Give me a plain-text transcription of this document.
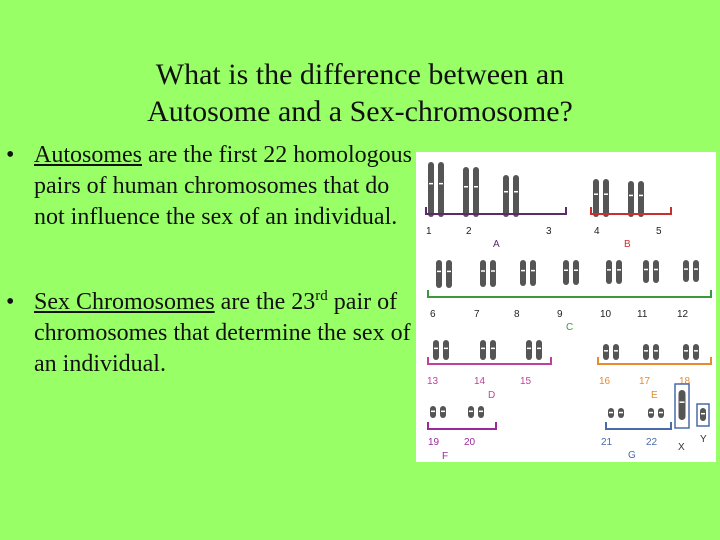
What is the difference between an
Autosome and a Sex-chromosome?
• Autosomes are the first 22 homologous pairs of human chromosomes that do not influence the sex of an individual.
• Sex Chromosomes are the 23rd pair of chromosomes that determine the sex of an individual.
1	2	3	4	5
A	B
6	7	8	9	10	11	12
C
13	14	15
D
16	17	18
E
19 20
F
21	22
G
X
Y
